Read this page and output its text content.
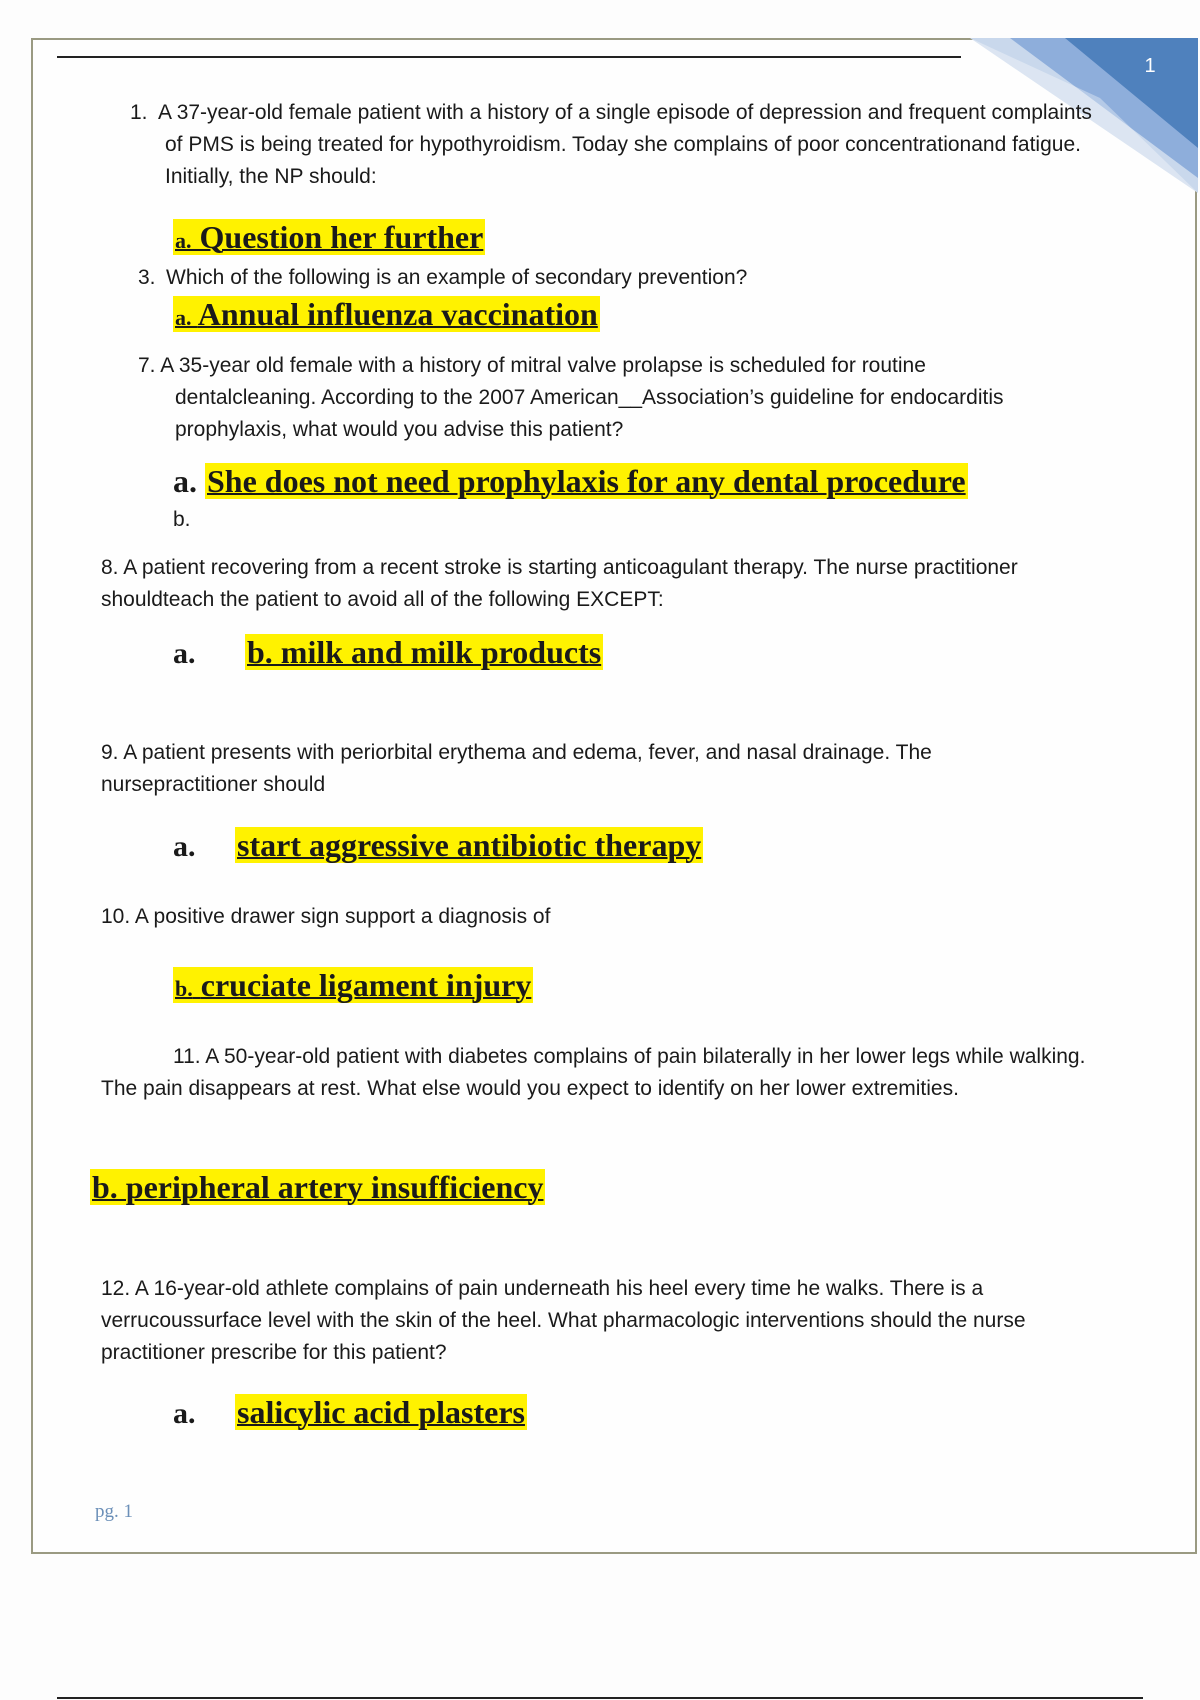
1

1. A 37-year-old female patient with a history of a single episode of depression and frequent complaints of PMS is being treated for hypothyroidism. Today she complains of poor concentrationand fatigue. Initially, the NP should:

a. Question her further

3. Which of the following is an example of secondary prevention?

a. Annual influenza vaccination

7. A 35-year old female with a history of mitral valve prolapse is scheduled for routine dentalcleaning. According to the 2007 American__Association’s guideline for endocarditis prophylaxis, what would you advise this patient?

a. She does not need prophylaxis for any dental procedure

b.

8. A patient recovering from a recent stroke is starting anticoagulant therapy. The nurse practitioner shouldteach the patient to avoid all of the following EXCEPT:

a. b. milk and milk products

9. A patient presents with periorbital erythema and edema, fever, and nasal drainage. The nursepractitioner should

a. start aggressive antibiotic therapy

10. A positive drawer sign support a diagnosis of

b. cruciate ligament injury

11. A 50-year-old patient with diabetes complains of pain bilaterally in her lower legs while walking. The pain disappears at rest. What else would you expect to identify on her lower extremities.

b. peripheral artery insufficiency

12. A 16-year-old athlete complains of pain underneath his heel every time he walks. There is a verrucoussurface level with the skin of the heel. What pharmacologic interventions should the nurse practitioner prescribe for this patient?

a. salicylic acid plasters
pg. 1
